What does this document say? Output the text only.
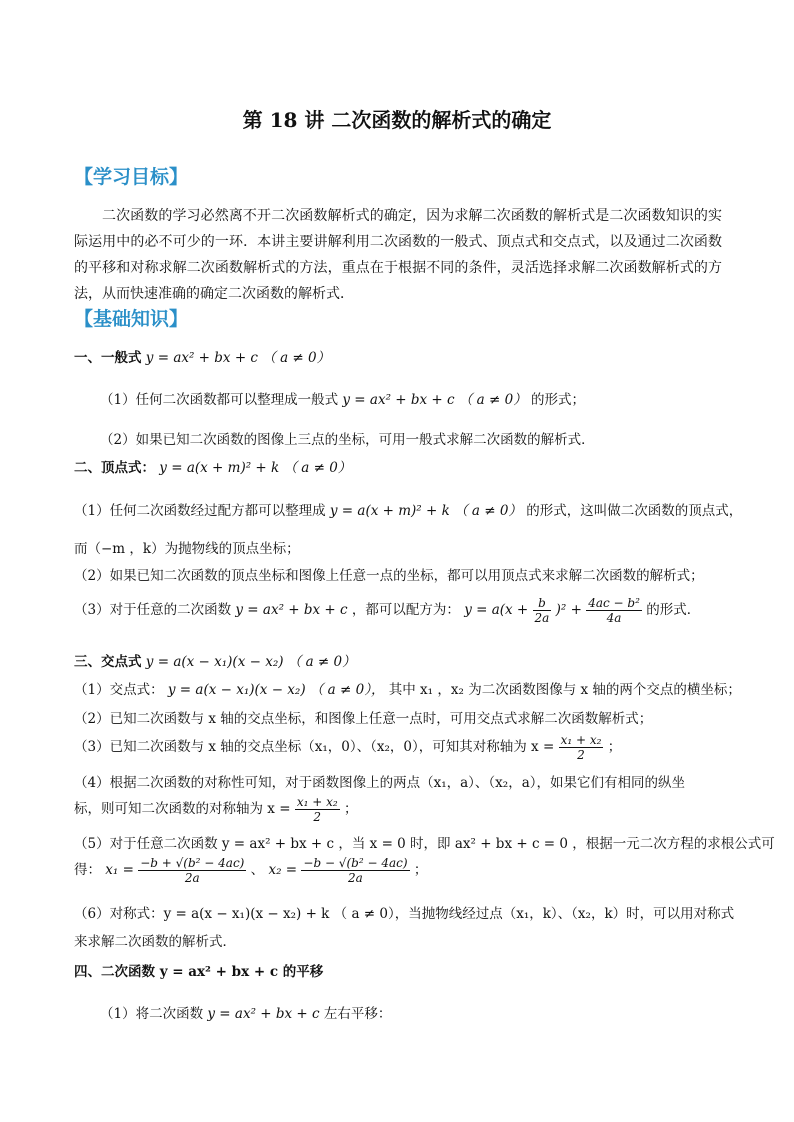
第 18 讲 二次函数的解析式的确定
【学习目标】
二次函数的学习必然离不开二次函数解析式的确定，因为求解二次函数的解析式是二次函数知识的实际运用中的必不可少的一环．本讲主要讲解利用二次函数的一般式、顶点式和交点式，以及通过二次函数的平移和对称求解二次函数解析式的方法，重点在于根据不同的条件，灵活选择求解二次函数解析式的方法，从而快速准确的确定二次函数的解析式．
【基础知识】
一、一般式 y = ax² + bx + c （ a ≠ 0）
（1）任何二次函数都可以整理成一般式 y = ax² + bx + c （ a ≠ 0） 的形式；
（2）如果已知二次函数的图像上三点的坐标，可用一般式求解二次函数的解析式．
二、顶点式： y = a(x + m)² + k （ a ≠ 0）
（1）任何二次函数经过配方都可以整理成 y = a(x + m)² + k （ a ≠ 0） 的形式，这叫做二次函数的顶点式，
而（−m ，k）为抛物线的顶点坐标；
（2）如果已知二次函数的顶点坐标和图像上任意一点的坐标，都可以用顶点式来求解二次函数的解析式；
（3）对于任意的二次函数 y = ax² + bx + c ，都可以配方为： $y = a(x + \frac{b}{2a} )^2 + \frac{\text{4ac − b²}}{4a}$ 的形式．
三、交点式 y = a(x − x₁)(x − x₂) （ a ≠ 0）
（1）交点式： y = a(x − x₁)(x − x₂) （ a ≠ 0）， 其中 x₁ ，x₂ 为二次函数图像与 x 轴的两个交点的横坐标；
（2）已知二次函数与 x 轴的交点坐标，和图像上任意一点时，可用交点式求解二次函数解析式；
（3）已知二次函数与 x 轴的交点坐标（x₁，0）、（x₂，0），可知其对称轴为 $x = \frac{\text{x₁ + x₂}}{2}$ ；
（4）根据二次函数的对称性可知，对于函数图像上的两点（x₁，a）、（x₂，a），如果它们有相同的纵坐
标，则可知二次函数的对称轴为 $x = \frac{\text{x₁ + x₂}}{2}$ ；
（5）对于任意二次函数 y = ax² + bx + c ，当 x = 0 时，即 ax² + bx + c = 0 ，根据一元二次方程的求根公式可
得： $x_1 = \frac{\text{−b + √(b² − 4ac)}}{2a}$ 、 $x_2 = \frac{\text{−b − √(b² − 4ac)}}{2a}$ ；
（6）对称式：y = a(x − x₁)(x − x₂) + k （ a ≠ 0），当抛物线经过点（x₁，k）、（x₂，k）时，可以用对称式
来求解二次函数的解析式．
四、二次函数 y = ax² + bx + c 的平移
（1）将二次函数 y = ax² + bx + c 左右平移：
